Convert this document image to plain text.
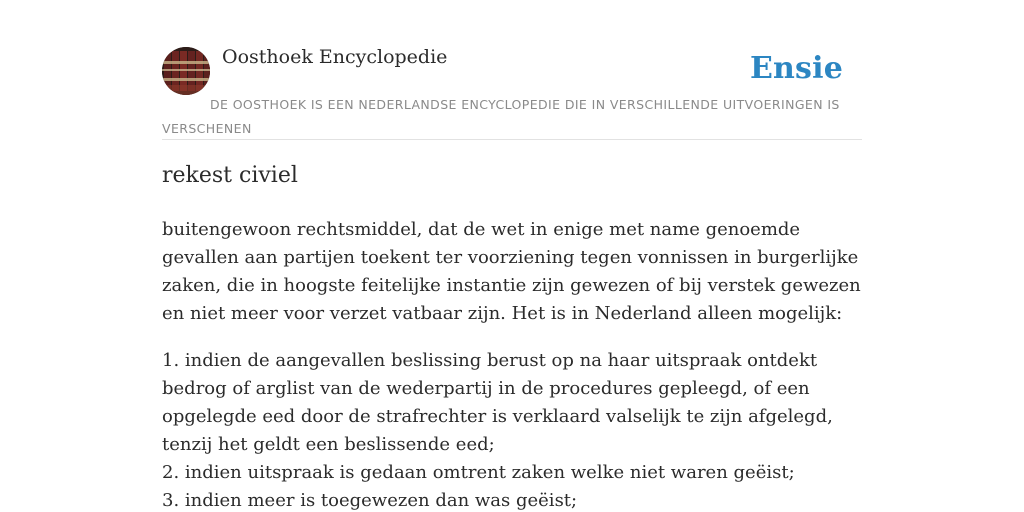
Oosthoek Encyclopedie	Ensie
DE OOSTHOEK IS EEN NEDERLANDSE ENCYCLOPEDIE DIE IN VERSCHILLENDE UITVOERINGEN IS VERSCHENEN
rekest civiel

buitengewoon rechtsmiddel, dat de wet in enige met name genoemde gevallen aan partijen toekent ter voorziening tegen vonnissen in burgerlijke zaken, die in hoogste feitelijke instantie zijn gewezen of bij verstek gewezen en niet meer voor verzet vatbaar zijn. Het is in Nederland alleen mogelijk:

1. indien de aangevallen beslissing berust op na haar uitspraak ontdekt bedrog of arglist van de wederpartij in de procedures gepleegd, of een opgelegde eed door de strafrechter is verklaard valselijk te zijn afgelegd, tenzij het geldt een beslissende eed;
2. indien uitspraak is gedaan omtrent zaken welke niet waren geëist;
3. indien meer is toegewezen dan was geëist;
